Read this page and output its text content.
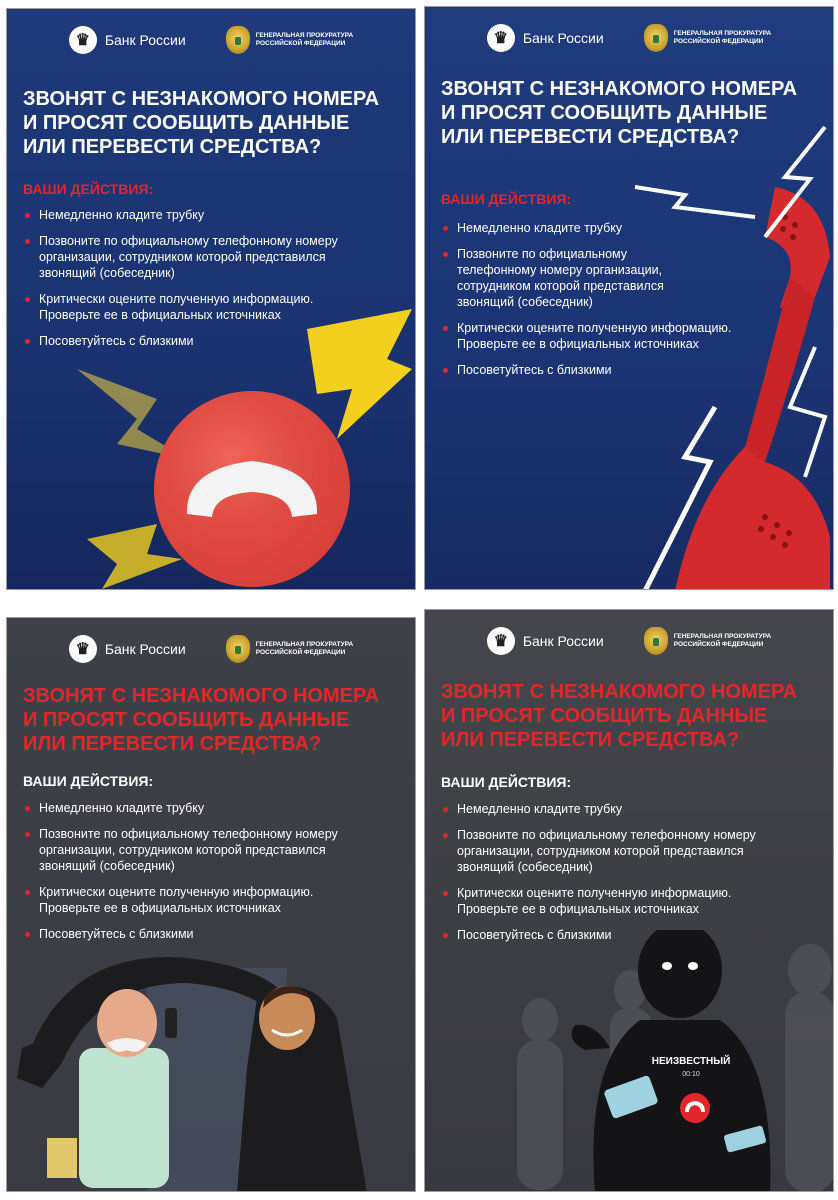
♛	Банк России	ГЕНЕРАЛЬНАЯ ПРОКУРАТУРА
РОССИЙСКОЙ ФЕДЕРАЦИИ
ЗВОНЯТ С НЕЗНАКОМОГО НОМЕРА
И ПРОСЯТ СООБЩИТЬ ДАННЫЕ
ИЛИ ПЕРЕВЕСТИ СРЕДСТВА?
ВАШИ ДЕЙСТВИЯ:
Немедленно кладите трубку
Позвоните по официальному телефонному номеру
организации, сотрудником которой представился
звонящий (собеседник)
Критически оцените полученную информацию.
Проверьте ее в официальных источниках
Посоветуйтесь с близкими
♛	Банк России	ГЕНЕРАЛЬНАЯ ПРОКУРАТУРА
РОССИЙСКОЙ ФЕДЕРАЦИИ
ЗВОНЯТ С НЕЗНАКОМОГО НОМЕРА
И ПРОСЯТ СООБЩИТЬ ДАННЫЕ
ИЛИ ПЕРЕВЕСТИ СРЕДСТВА?
ВАШИ ДЕЙСТВИЯ:
Немедленно кладите трубку
Позвоните по официальному
телефонному номеру организации,
сотрудником которой представился
звонящий (собеседник)
Критически оцените полученную информацию.
Проверьте ее в официальных источниках
Посоветуйтесь с близкими
♛	Банк России	ГЕНЕРАЛЬНАЯ ПРОКУРАТУРА
РОССИЙСКОЙ ФЕДЕРАЦИИ
ЗВОНЯТ С НЕЗНАКОМОГО НОМЕРА
И ПРОСЯТ СООБЩИТЬ ДАННЫЕ
ИЛИ ПЕРЕВЕСТИ СРЕДСТВА?
ВАШИ ДЕЙСТВИЯ:
Немедленно кладите трубку
Позвоните по официальному телефонному номеру
организации, сотрудником которой представился
звонящий (собеседник)
Критически оцените полученную информацию.
Проверьте ее в официальных источниках
Посоветуйтесь с близкими
♛	Банк России	ГЕНЕРАЛЬНАЯ ПРОКУРАТУРА
РОССИЙСКОЙ ФЕДЕРАЦИИ
ЗВОНЯТ С НЕЗНАКОМОГО НОМЕРА
И ПРОСЯТ СООБЩИТЬ ДАННЫЕ
ИЛИ ПЕРЕВЕСТИ СРЕДСТВА?
ВАШИ ДЕЙСТВИЯ:
Немедленно кладите трубку
Позвоните по официальному телефонному номеру
организации, сотрудником которой представился
звонящий (собеседник)
Критически оцените полученную информацию.
Проверьте ее в официальных источниках
Посоветуйтесь с близкими
НЕИЗВЕСТНЫЙ
00:10
